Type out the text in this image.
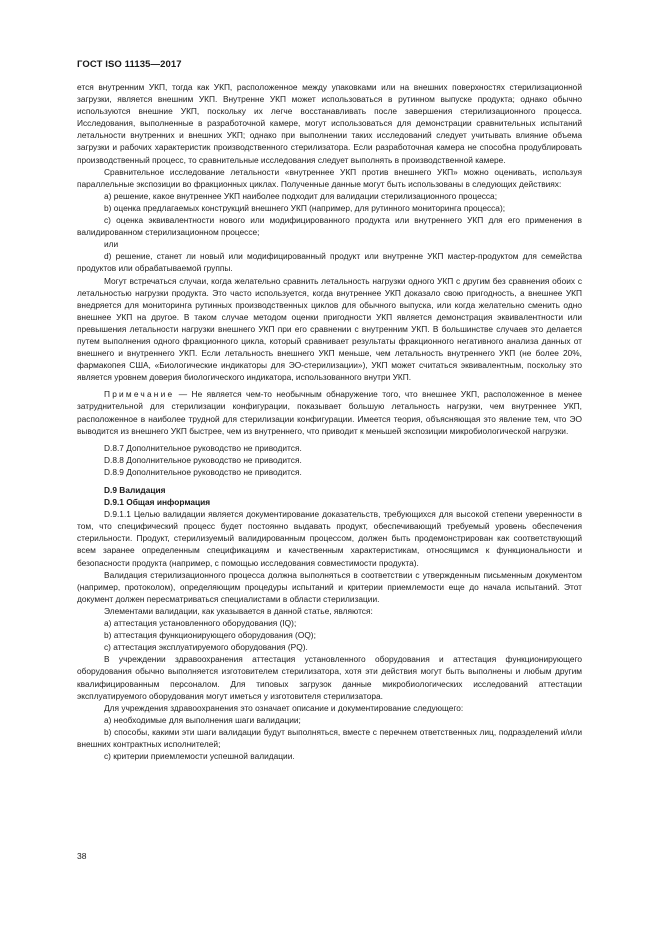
ГОСТ ISO 11135—2017

ется внутренним УКП, тогда как УКП, расположенное между упаковками или на внешних поверхностях стерилизационной загрузки, является внешним УКП. Внутренне УКП может использоваться в рутинном выпуске продукта; однако обычно используются внешние УКП, поскольку их легче восстанавливать после завершения стерилизационного процесса. Исследования, выполненные в разработочной камере, могут использоваться для демонстрации сравнительных испытаний летальности внутренних и внешних УКП; однако при выполнении таких исследований следует учитывать влияние объема загрузки и рабочих характеристик производственного стерилизатора. Если разработочная камера не способна продублировать производственный процесс, то сравнительные исследования следует выполнять в производственной камере.

Сравнительное исследование летальности «внутреннее УКП против внешнего УКП» можно оценивать, используя параллельные экспозиции во фракционных циклах. Полученные данные могут быть использованы в следующих действиях:

a) решение, какое внутреннее УКП наиболее подходит для валидации стерилизационного процесса;

b) оценка предлагаемых конструкций внешнего УКП (например, для рутинного мониторинга процесса);

c) оценка эквивалентности нового или модифицированного продукта или внутреннего УКП для его применения в валидированном стерилизационном процессе;

или

d) решение, станет ли новый или модифицированный продукт или внутренне УКП мастер-продуктом для семейства продуктов или обрабатываемой группы.

Могут встречаться случаи, когда желательно сравнить летальность нагрузки одного УКП с другим без сравнения обоих с летальностью нагрузки продукта. Это часто используется, когда внутреннее УКП доказало свою пригодность, а внешнее УКП внедряется для мониторинга рутинных производственных циклов для обычного выпуска, или когда желательно сменить одно внешнее УКП на другое. В таком случае методом оценки пригодности УКП является демонстрация эквивалентности или превышения летальности нагрузки внешнего УКП при его сравнении с внутренним УКП. В большинстве случаев это делается путем выполнения одного фракционного цикла, который сравнивает результаты фракционного негативного анализа данных от внешнего и внутреннего УКП. Если летальность внешнего УКП меньше, чем летальность внутреннего УКП (не более 20%, фармакопея США, «Биологические индикаторы для ЭО-стерилизации»), УКП может считаться эквивалентным, поскольку это является уровнем доверия биологического индикатора, использованного внутри УКП.

Примечание — Не является чем-то необычным обнаружение того, что внешнее УКП, расположенное в менее затруднительной для стерилизации конфигурации, показывает большую летальность нагрузки, чем внутреннее УКП, расположенное в наиболее трудной для стерилизации конфигурации. Имеется теория, объясняющая это явление тем, что ЭО выводится из внешнего УКП быстрее, чем из внутреннего, что приводит к меньшей экспозиции микробиологической нагрузки.

D.8.7 Дополнительное руководство не приводится.

D.8.8 Дополнительное руководство не приводится.

D.8.9 Дополнительное руководство не приводится.

D.9 Валидация

D.9.1 Общая информация

D.9.1.1 Целью валидации является документирование доказательств, требующихся для высокой степени уверенности в том, что специфический процесс будет постоянно выдавать продукт, обеспечивающий требуемый уровень обеспечения стерильности. Продукт, стерилизуемый валидированным процессом, должен быть продемонстрирован как соответствующий всем заранее определенным спецификациям и качественным характеристикам, относящимся к функциональности и безопасности продукта (например, с помощью исследования совместимости продукта).

Валидация стерилизационного процесса должна выполняться в соответствии с утвержденным письменным документом (например, протоколом), определяющим процедуры испытаний и критерии приемлемости еще до начала испытаний. Этот документ должен пересматриваться специалистами в области стерилизации.

Элементами валидации, как указывается в данной статье, являются:

a) аттестация установленного оборудования (IQ);

b) аттестация функционирующего оборудования (OQ);

c) аттестация эксплуатируемого оборудования (PQ).

В учреждении здравоохранения аттестация установленного оборудования и аттестация функционирующего оборудования обычно выполняется изготовителем стерилизатора, хотя эти действия могут быть выполнены и любым другим квалифицированным персоналом. Для типовых загрузок данные микробиологических исследований аттестации эксплуатируемого оборудования могут иметься у изготовителя стерилизатора.

Для учреждения здравоохранения это означает описание и документирование следующего:

a) необходимые для выполнения шаги валидации;

b) способы, какими эти шаги валидации будут выполняться, вместе с перечнем ответственных лиц, подразделений и/или внешних контрактных исполнителей;

c) критерии приемлемости успешной валидации.

38
